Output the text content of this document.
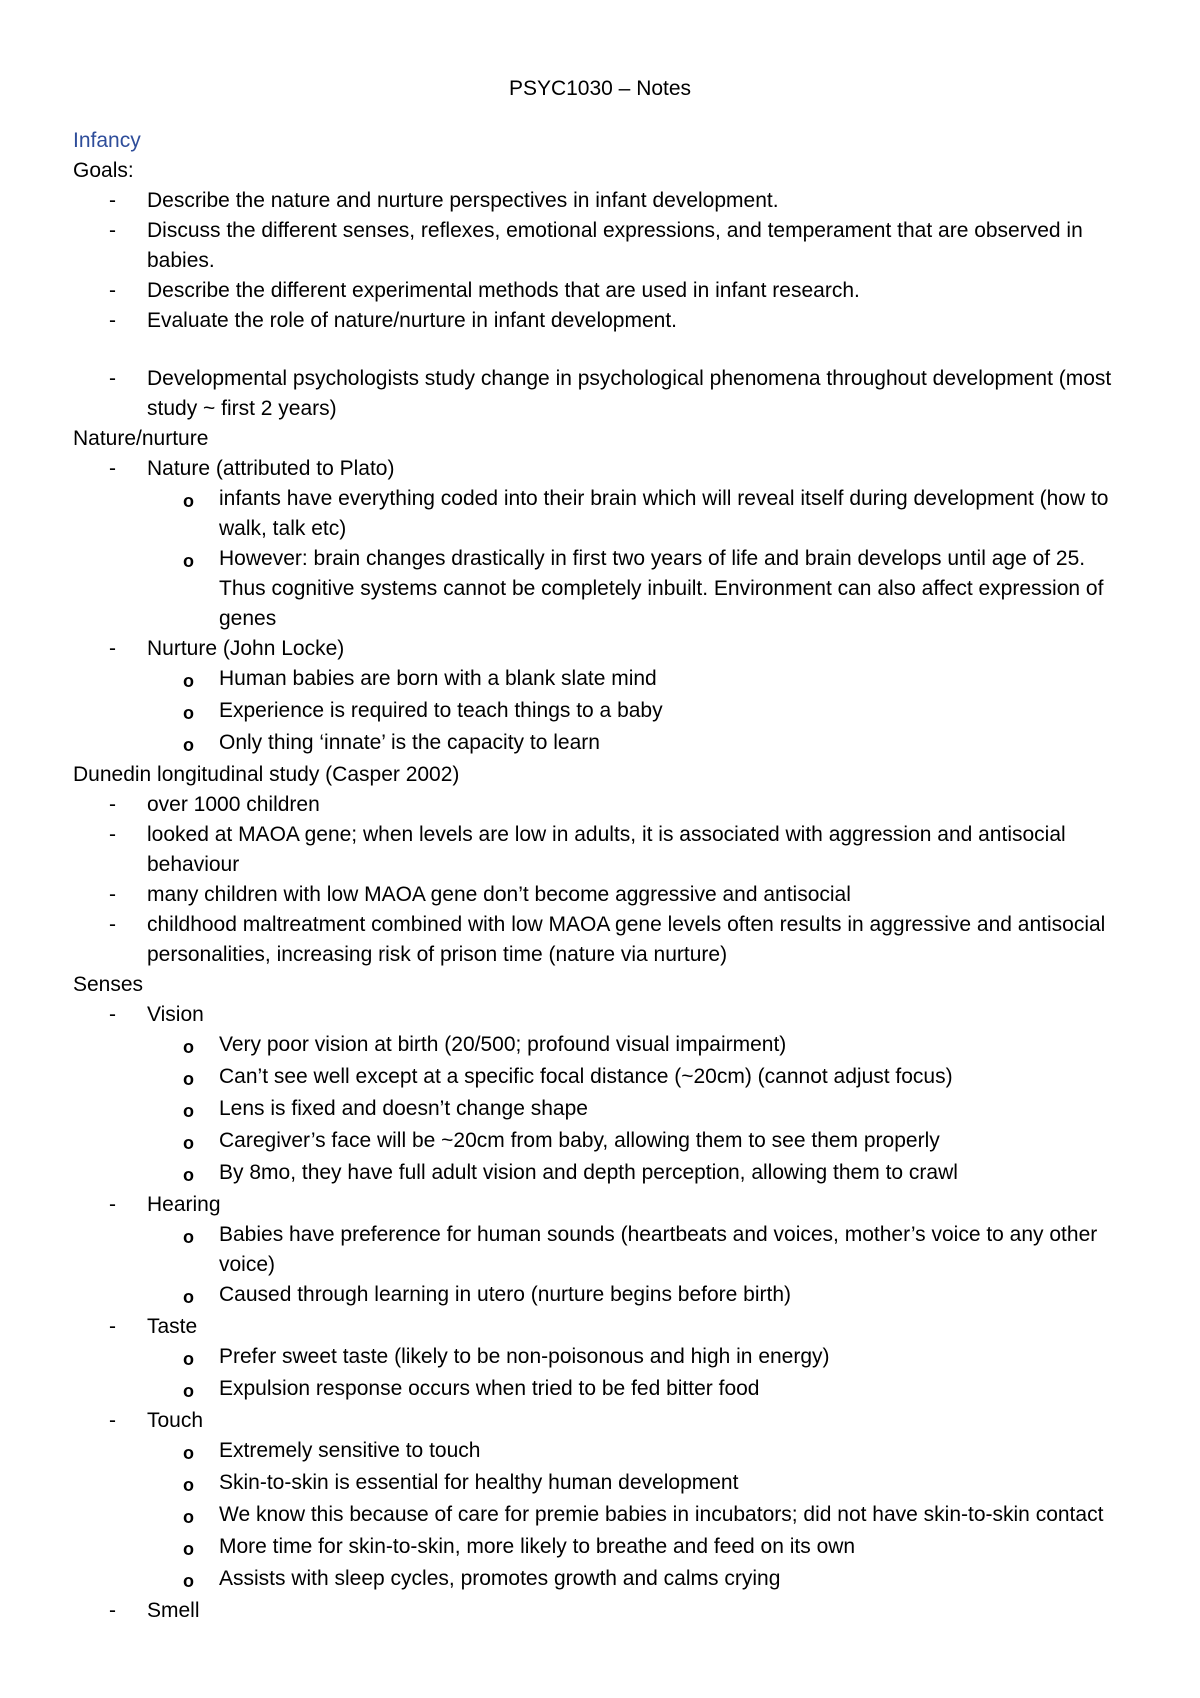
PSYC1030 – Notes
Infancy
Goals:
-	Describe the nature and nurture perspectives in infant development.
-	Discuss the different senses, reflexes, emotional expressions, and temperament that are observed in babies.
-	Describe the different experimental methods that are used in infant research.
-	Evaluate the role of nature/nurture in infant development.
-	Developmental psychologists study change in psychological phenomena throughout development (most study ~ first 2 years)
Nature/nurture
-	Nature (attributed to Plato)
o	infants have everything coded into their brain which will reveal itself during development (how to walk, talk etc)
o	However: brain changes drastically in first two years of life and brain develops until age of 25. Thus cognitive systems cannot be completely inbuilt. Environment can also affect expression of genes
-	Nurture (John Locke)
o	Human babies are born with a blank slate mind
o	Experience is required to teach things to a baby
o	Only thing ‘innate’ is the capacity to learn
Dunedin longitudinal study (Casper 2002)
-	over 1000 children
-	looked at MAOA gene; when levels are low in adults, it is associated with aggression and antisocial behaviour
-	many children with low MAOA gene don’t become aggressive and antisocial
-	childhood maltreatment combined with low MAOA gene levels often results in aggressive and antisocial personalities, increasing risk of prison time (nature via nurture)
Senses
-	Vision
o	Very poor vision at birth (20/500; profound visual impairment)
o	Can’t see well except at a specific focal distance (~20cm) (cannot adjust focus)
o	Lens is fixed and doesn’t change shape
o	Caregiver’s face will be ~20cm from baby, allowing them to see them properly
o	By 8mo, they have full adult vision and depth perception, allowing them to crawl
-	Hearing
o	Babies have preference for human sounds (heartbeats and voices, mother’s voice to any other voice)
o	Caused through learning in utero (nurture begins before birth)
-	Taste
o	Prefer sweet taste (likely to be non-poisonous and high in energy)
o	Expulsion response occurs when tried to be fed bitter food
-	Touch
o	Extremely sensitive to touch
o	Skin-to-skin is essential for healthy human development
o	We know this because of care for premie babies in incubators; did not have skin-to-skin contact
o	More time for skin-to-skin, more likely to breathe and feed on its own
o	Assists with sleep cycles, promotes growth and calms crying
-	Smell
